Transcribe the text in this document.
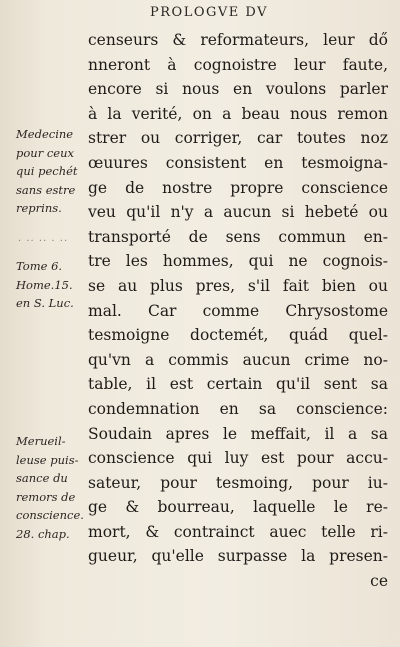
PROLOGVE DV
censeurs & reformateurs, leur dő
nneront à cognoistre leur faute,
encore si nous en voulons parler
à la verité, on a beau nous remon
strer ou corriger, car toutes noz
œuures consistent en tesmoigna-
ge de nostre propre conscience
veu qu'il n'y a aucun si hebeté ou
transporté de sens commun en-
tre les hommes, qui ne cognois-
se au plus pres, s'il fait bien ou
mal. Car comme Chrysostome
tesmoigne doctemét, quád quel-
qu'vn a commis aucun crime no-
table, il est certain qu'il sent sa
condemnation en sa conscience:
Soudain apres le meffait, il a sa
conscience qui luy est pour accu-
sateur, pour tesmoing, pour iu-
ge & bourreau, laquelle le re-
mort, & contrainct auec telle ri-
gueur, qu'elle surpasse la presen-
ce
Medecine
pour ceux
qui pechét
sans estre
reprins.
· ·· ·· · ··
Tome 6.
Home.15.
en S. Luc.
Merueil-
leuse puis-
sance du
remors de
conscience.
28. chap.
